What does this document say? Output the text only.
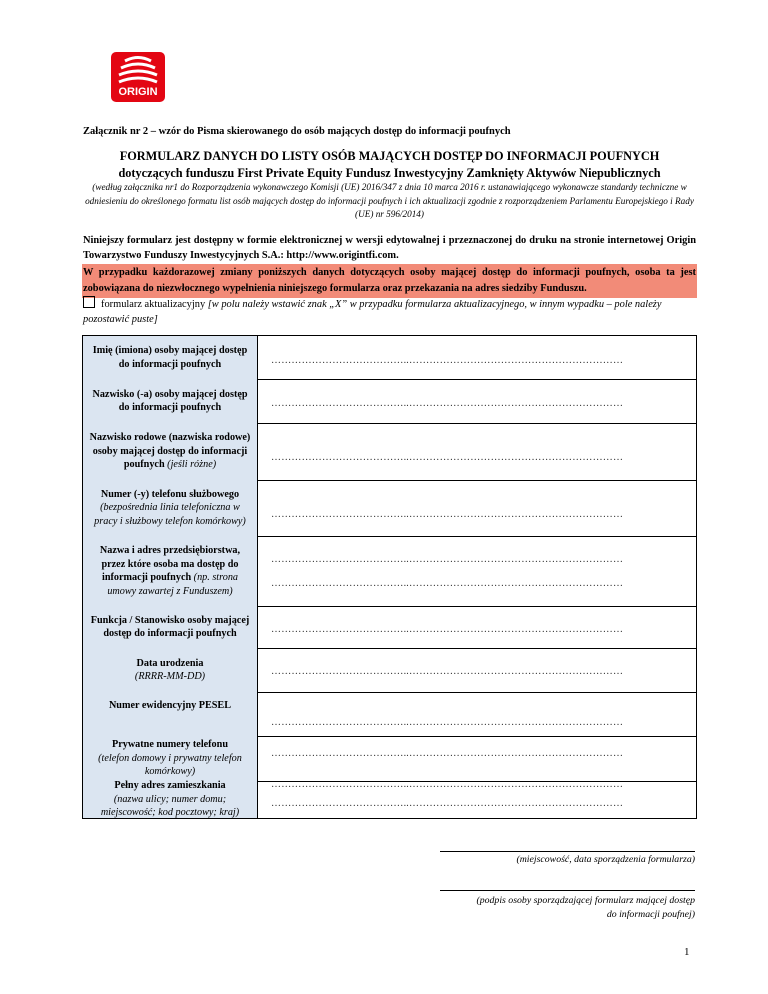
ORIGIN
Załącznik nr 2 – wzór do Pisma skierowanego do osób mających dostęp do informacji poufnych
FORMULARZ DANYCH DO LISTY OSÓB MAJĄCYCH DOSTĘP DO INFORMACJI POUFNYCH
dotyczących funduszu First Private Equity Fundusz Inwestycyjny Zamknięty Aktywów Niepublicznych
(według załącznika nr1 do Rozporządzenia wykonawczego Komisji (UE) 2016/347 z dnia 10 marca 2016 r. ustanawiającego wykonawcze standardy techniczne w odniesieniu do określonego formatu list osób mających dostęp do informacji poufnych i ich aktualizacji zgodnie z rozporządzeniem Parlamentu Europejskiego i Rady (UE) nr 596/2014)
Niniejszy formularz jest dostępny w formie elektronicznej w wersji edytowalnej i przeznaczonej do druku na stronie internetowej Origin Towarzystwo Funduszy Inwestycyjnych S.A.: http://www.origintfi.com.
W przypadku każdorazowej zmiany poniższych danych dotyczących osoby mającej dostęp do informacji poufnych, osoba ta jest zobowiązana do niezwłocznego wypełnienia niniejszego formularza oraz przekazania na adres siedziby Funduszu.
formularz aktualizacyjny [w polu należy wstawić znak „X” w przypadku formularza aktualizacyjnego, w innym wypadku – pole należy pozostawić puste]
Imię (imiona) osoby mającej dostęp do informacji poufnych	…………………………………..………………………………………………………
Nazwisko (-a) osoby mającej dostęp do informacji poufnych	…………………………………..………………………………………………………
Nazwisko rodowe (nazwiska rodowe) osoby mającej dostęp do informacji poufnych (jeśli różne)
…………………………………..………………………………………………………
Numer (-y) telefonu służbowego
(bezpośrednia linia telefoniczna w pracy i służbowy telefon komórkowy)
…………………………………..………………………………………………………
Nazwa i adres przedsiębiorstwa, przez które osoba ma dostęp do informacji poufnych (np. strona umowy zawartej z Funduszem)
…………………………………..………………………………………………………
…………………………………..………………………………………………………
Funkcja / Stanowisko osoby mającej dostęp do informacji poufnych	…………………………………..………………………………………………………
Data urodzenia
(RRRR-MM-DD)	…………………………………..………………………………………………………
Numer ewidencyjny PESEL
…………………………………..………………………………………………………
Prywatne numery telefonu
(telefon domowy i prywatny telefon komórkowy)
…………………………………..………………………………………………………
Pełny adres zamieszkania
(nazwa ulicy; numer domu; miejscowość; kod pocztowy; kraj)
…………………………………..………………………………………………………
…………………………………..………………………………………………………
(miejscowość, data sporządzenia formularza)
(podpis osoby sporządzającej formularz mającej dostęp do informacji poufnej)
1
